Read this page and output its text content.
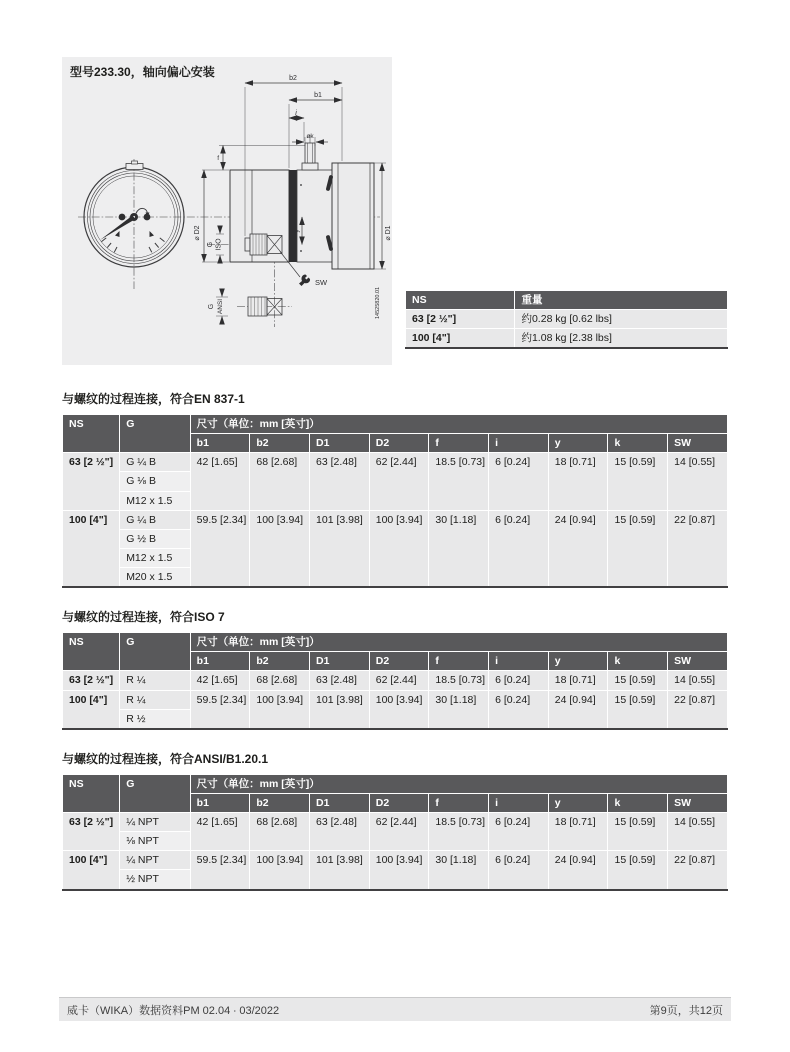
型号233.30，轴向偏心安装	b2
b1
i
øk
f
⌀ D2	⌀ D1
y
G ISO
G ANSI
SW
14525820.01	NS	重量
63 [2 ½"]	约0.28 kg [0.62 lbs]
100 [4"]	约1.08 kg [2.38 lbs]
与螺纹的过程连接，符合EN 837-1
NS	G	尺寸（单位：mm [英寸]）								
		b1	b2	D1	D2	f	i	y	k	SW
63 [2 ½"]	G ¼ B	42 [1.65]	68 [2.68]	63 [2.48]	62 [2.44]	18.5 [0.73]	6 [0.24]	18 [0.71]	15 [0.59]	14 [0.55]
	G ⅛ B									
	M12 x 1.5									
100 [4"]	G ¼ B	59.5 [2.34]	100 [3.94]	101 [3.98]	100 [3.94]	30 [1.18]	6 [0.24]	24 [0.94]	15 [0.59]	22 [0.87]
	G ½ B									
	M12 x 1.5									
	M20 x 1.5									
与螺纹的过程连接，符合ISO 7
NS	G	尺寸（单位：mm [英寸]）								
		b1	b2	D1	D2	f	i	y	k	SW
63 [2 ½"]	R ¼	42 [1.65]	68 [2.68]	63 [2.48]	62 [2.44]	18.5 [0.73]	6 [0.24]	18 [0.71]	15 [0.59]	14 [0.55]
100 [4"]	R ¼	59.5 [2.34]	100 [3.94]	101 [3.98]	100 [3.94]	30 [1.18]	6 [0.24]	24 [0.94]	15 [0.59]	22 [0.87]
	R ½									
与螺纹的过程连接，符合ANSI/B1.20.1
NS	G	尺寸（单位：mm [英寸]）								
		b1	b2	D1	D2	f	i	y	k	SW
63 [2 ½"]	¼ NPT	42 [1.65]	68 [2.68]	63 [2.48]	62 [2.44]	18.5 [0.73]	6 [0.24]	18 [0.71]	15 [0.59]	14 [0.55]
	⅛ NPT									
100 [4"]	¼ NPT	59.5 [2.34]	100 [3.94]	101 [3.98]	100 [3.94]	30 [1.18]	6 [0.24]	24 [0.94]	15 [0.59]	22 [0.87]
	½ NPT									
威卡（WIKA）数据资料PM 02.04 ∙ 03/2022	第9页，共12页
